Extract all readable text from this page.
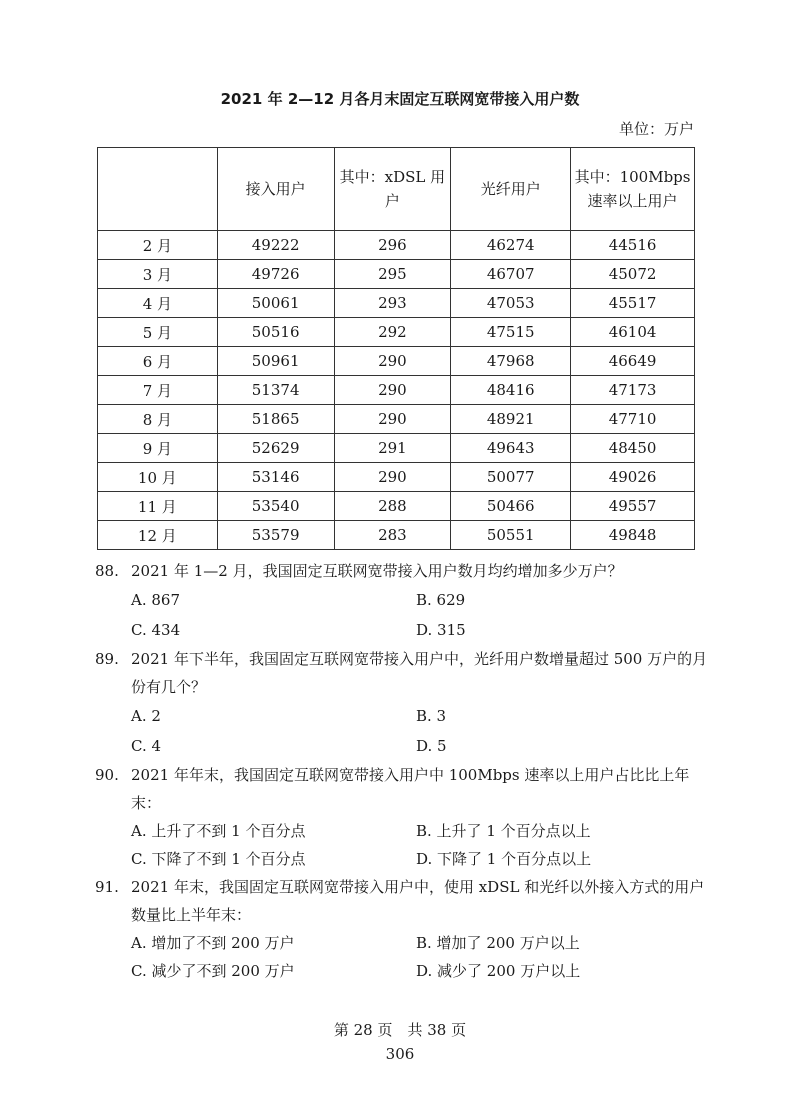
2021 年 2—12 月各月末固定互联网宽带接入用户数
单位：万户
	接入用户	其中：xDSL 用户	光纤用户	其中：100Mbps 速率以上用户
2 月	49222	296	46274	44516
3 月	49726	295	46707	45072
4 月	50061	293	47053	45517
5 月	50516	292	47515	46104
6 月	50961	290	47968	46649
7 月	51374	290	48416	47173
8 月	51865	290	48921	47710
9 月	52629	291	49643	48450
10 月	53146	290	50077	49026
11 月	53540	288	50466	49557
12 月	53579	283	50551	49848
88. 2021 年 1—2 月，我国固定互联网宽带接入用户数月均约增加多少万户？
A. 867	B. 629
C. 434	D. 315
89. 2021 年下半年，我国固定互联网宽带接入用户中，光纤用户数增量超过 500 万户的月份有几个？
A. 2	B. 3
C. 4	D. 5
90. 2021 年年末，我国固定互联网宽带接入用户中 100Mbps 速率以上用户占比比上年末：
A. 上升了不到 1 个百分点	B. 上升了 1 个百分点以上
C. 下降了不到 1 个百分点	D. 下降了 1 个百分点以上
91. 2021 年末，我国固定互联网宽带接入用户中，使用 xDSL 和光纤以外接入方式的用户数量比上半年末：
A. 增加了不到 200 万户	B. 增加了 200 万户以上
C. 减少了不到 200 万户	D. 减少了 200 万户以上
第 28 页　共 38 页
306
